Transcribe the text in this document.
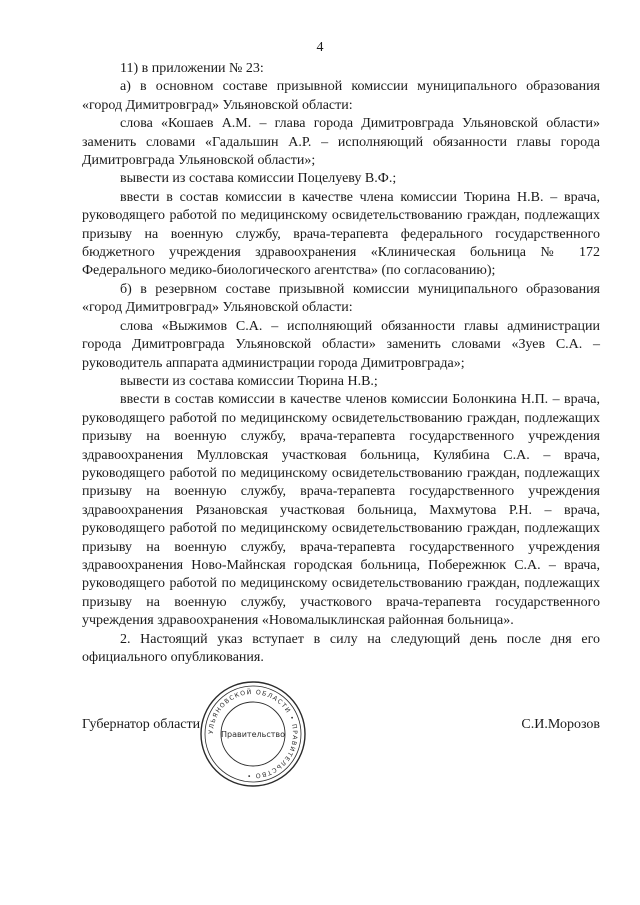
4

11) в приложении № 23:

а) в основном составе призывной комиссии муниципального образования «город Димитровград» Ульяновской области:

слова «Кошаев А.М. – глава города Димитровграда Ульяновской области» заменить словами «Гадальшин А.Р. – исполняющий обязанности главы города Димитровграда Ульяновской области»;

вывести из состава комиссии Поцелуеву В.Ф.;

ввести в состав комиссии в качестве члена комиссии Тюрина Н.В. – врача, руководящего работой по медицинскому освидетельствованию граждан, подлежащих призыву на военную службу, врача-терапевта федерального государственного бюджетного учреждения здравоохранения «Клиническая больница № 172 Федерального медико-биологического агентства» (по согласованию);

б) в резервном составе призывной комиссии муниципального образования «город Димитровград» Ульяновской области:

слова «Выжимов С.А. – исполняющий обязанности главы администрации города Димитровграда Ульяновской области» заменить словами «Зуев С.А. – руководитель аппарата администрации города Димитровграда»;

вывести из состава комиссии Тюрина Н.В.;

ввести в состав комиссии в качестве членов комиссии Болонкина Н.П. – врача, руководящего работой по медицинскому освидетельствованию граждан, подлежащих призыву на военную службу, врача-терапевта государственного учреждения здравоохранения Мулловская участковая больница, Кулябина С.А. – врача, руководящего работой по медицинскому освидетельствованию граждан, подлежащих призыву на военную службу, врача-терапевта государственного учреждения здравоохранения Рязановская участковая больница, Махмутова Р.Н. – врача, руководящего работой по медицинскому освидетельствованию граждан, подлежащих призыву на военную службу, врача-терапевта государственного учреждения здравоохранения Ново-Майнская городская больница, Побережнюк С.А. – врача, руководящего работой по медицинскому освидетельствованию граждан, подлежащих призыву на военную службу, участкового врача-терапевта государственного учреждения здравоохранения «Новомалыклинская районная больница».

2. Настоящий указ вступает в силу на следующий день после дня его официального опубликования.

Губернатор области	С.И.Морозов
УЛЬЯНОВСКОЙ ОБЛАСТИ • ПРАВИТЕЛЬСТВО •
Правительство
